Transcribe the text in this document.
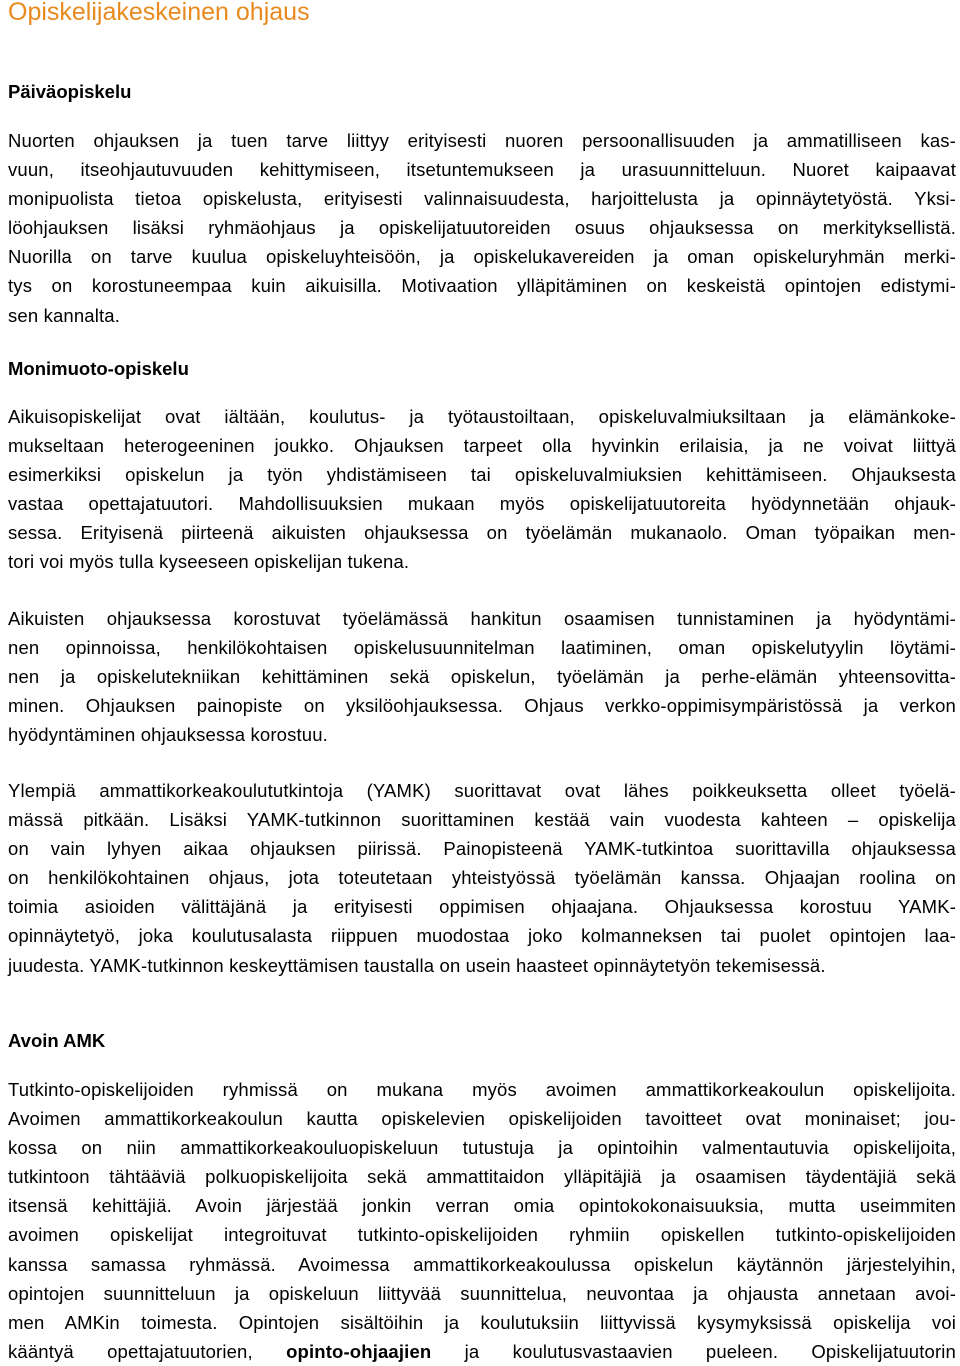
Opiskelijakeskeinen ohjaus
Päiväopiskelu
Nuorten ohjauksen ja tuen tarve liittyy erityisesti nuoren persoonallisuuden ja ammatilliseen kas-
vuun, itseohjautuvuuden kehittymiseen, itsetuntemukseen ja urasuunnitteluun. Nuoret kaipaavat
monipuolista tietoa opiskelusta, erityisesti valinnaisuudesta, harjoittelusta ja opinnäytetyöstä. Yksi-
löohjauksen lisäksi ryhmäohjaus ja opiskelijatuutoreiden osuus ohjauksessa on merkityksellistä.
Nuorilla on tarve kuulua opiskeluyhteisöön, ja opiskelukavereiden ja oman opiskeluryhmän merki-
tys on korostuneempaa kuin aikuisilla. Motivaation ylläpitäminen on keskeistä opintojen edistymi-
sen kannalta.
Monimuoto-opiskelu
Aikuisopiskelijat ovat iältään, koulutus- ja työtaustoiltaan, opiskeluvalmiuksiltaan ja elämänkoke-
mukseltaan heterogeeninen joukko. Ohjauksen tarpeet olla hyvinkin erilaisia, ja ne voivat liittyä
esimerkiksi opiskelun ja työn yhdistämiseen tai opiskeluvalmiuksien kehittämiseen. Ohjauksesta
vastaa opettajatuutori. Mahdollisuuksien mukaan myös opiskelijatuutoreita hyödynnetään ohjauk-
sessa. Erityisenä piirteenä aikuisten ohjauksessa on työelämän mukanaolo. Oman työpaikan men-
tori voi myös tulla kyseeseen opiskelijan tukena.
Aikuisten ohjauksessa korostuvat työelämässä hankitun osaamisen tunnistaminen ja hyödyntämi-
nen opinnoissa, henkilökohtaisen opiskelusuunnitelman laatiminen, oman opiskelutyylin löytämi-
nen ja opiskelutekniikan kehittäminen sekä opiskelun, työelämän ja perhe-elämän yhteensovitta-
minen. Ohjauksen painopiste on yksilöohjauksessa. Ohjaus verkko-oppimisympäristössä ja verkon
hyödyntäminen ohjauksessa korostuu.
Ylempiä ammattikorkeakoulututkintoja (YAMK) suorittavat ovat lähes poikkeuksetta olleet työelä-
mässä pitkään. Lisäksi YAMK-tutkinnon suorittaminen kestää vain vuodesta kahteen – opiskelija
on vain lyhyen aikaa ohjauksen piirissä. Painopisteenä YAMK-tutkintoa suorittavilla ohjauksessa
on henkilökohtainen ohjaus, jota toteutetaan yhteistyössä työelämän kanssa. Ohjaajan roolina on
toimia asioiden välittäjänä ja erityisesti oppimisen ohjaajana. Ohjauksessa korostuu YAMK-
opinnäytetyö, joka koulutusalasta riippuen muodostaa joko kolmanneksen tai puolet opintojen laa-
juudesta. YAMK-tutkinnon keskeyttämisen taustalla on usein haasteet opinnäytetyön tekemisessä.
Avoin AMK
Tutkinto-opiskelijoiden ryhmissä on mukana myös avoimen ammattikorkeakoulun opiskelijoita.
Avoimen ammattikorkeakoulun kautta opiskelevien opiskelijoiden tavoitteet ovat moninaiset; jou-
kossa on niin ammattikorkeakouluopiskeluun tutustuja ja opintoihin valmentautuvia opiskelijoita,
tutkintoon tähtääviä polkuopiskelijoita sekä ammattitaidon ylläpitäjiä ja osaamisen täydentäjiä sekä
itsensä kehittäjiä. Avoin järjestää jonkin verran omia opintokokonaisuuksia, mutta useimmiten
avoimen opiskelijat integroituvat tutkinto-opiskelijoiden ryhmiin opiskellen tutkinto-opiskelijoiden
kanssa samassa ryhmässä. Avoimessa ammattikorkeakoulussa opiskelun käytännön järjestelyihin,
opintojen suunnitteluun ja opiskeluun liittyvää suunnittelua, neuvontaa ja ohjausta annetaan avoi-
men AMKin toimesta. Opintojen sisältöihin ja koulutuksiin liittyvissä kysymyksissä opiskelija voi
kääntyä opettajatuutorien, opinto-ohjaajien ja koulutusvastaavien pueleen. Opiskelijatuutorin
